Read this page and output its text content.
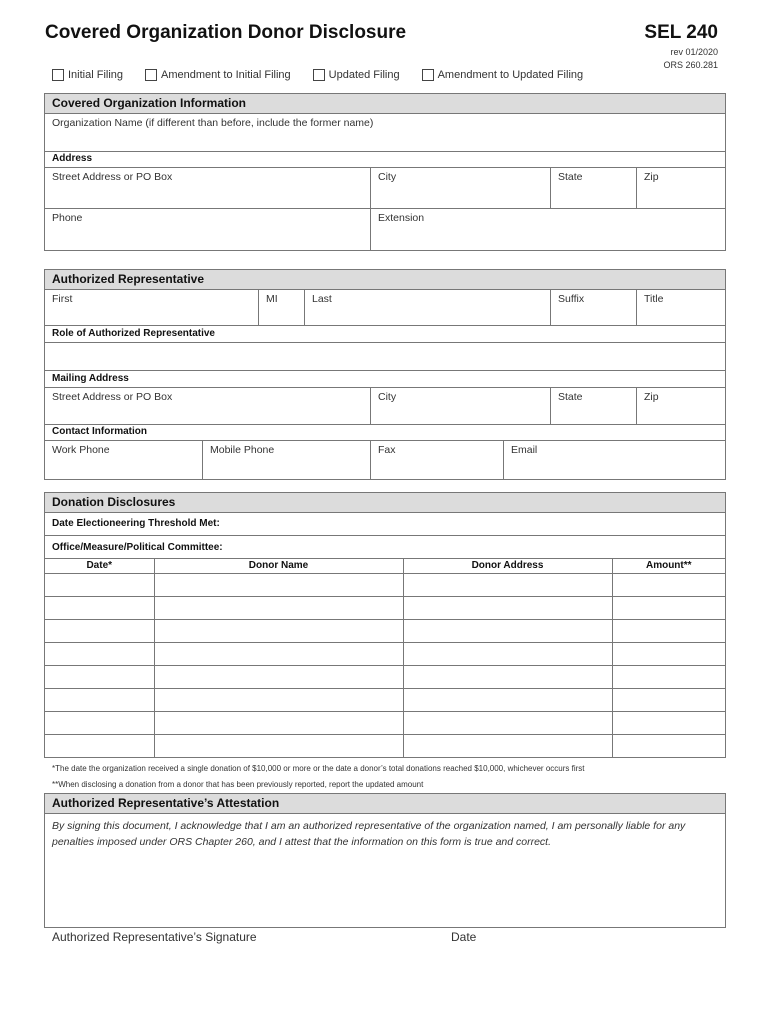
Covered Organization Donor Disclosure	SEL 240
rev 01/2020
ORS 260.281
Initial Filing	Amendment to Initial Filing	Updated Filing	Amendment to Updated Filing
Covered Organization Information
Organization Name (if different than before, include the former name)
Address
Street Address or PO Box	City	State	Zip
Phone	Extension
Authorized Representative
First	MI	Last	Suffix	Title
Role of Authorized Representative
Mailing Address
Street Address or PO Box	City	State	Zip
Contact Information
Work Phone	Mobile Phone	Fax	Email
Donation Disclosures
Date Electioneering Threshold Met:
Office/Measure/Political Committee:
Date*	Donor Name	Donor Address	Amount**

*The date the organization received a single donation of $10,000 or more or the date a donor’s total donations reached $10,000, whichever occurs first
**When disclosing a donation from a donor that has been previously reported, report the updated amount
Authorized Representative’s Attestation
By signing this document, I acknowledge that I am an authorized representative of the organization named, I am personally liable for any penalties imposed under ORS Chapter 260, and I attest that the information on this form is true and correct.
Authorized Representative’s Signature	Date
